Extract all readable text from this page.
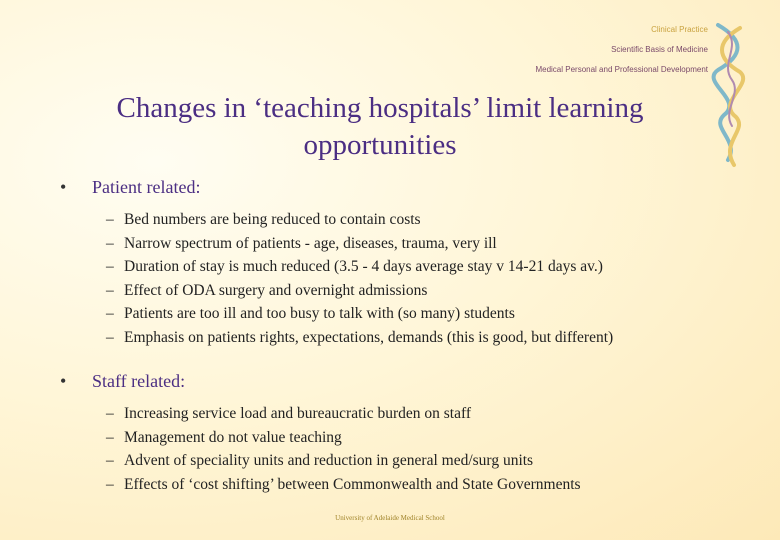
Clinical Practice
Scientific Basis of Medicine
Medical Personal and Professional Development
Changes in ‘teaching hospitals’ limit learning opportunities
•	Patient related:
– Bed numbers are being reduced to contain costs
– Narrow spectrum of patients - age, diseases, trauma, very ill
– Duration of stay is much reduced (3.5 - 4 days average stay v 14-21 days av.)
– Effect of ODA surgery and overnight admissions
– Patients are too ill and too busy to talk with (so many) students
– Emphasis on patients rights, expectations, demands (this is good, but different)
•	Staff related:
– Increasing service load and bureaucratic burden on staff
– Management do not value teaching
– Advent of speciality units and reduction in general med/surg units
– Effects of ‘cost shifting’ between Commonwealth and State Governments
University of Adelaide Medical School
